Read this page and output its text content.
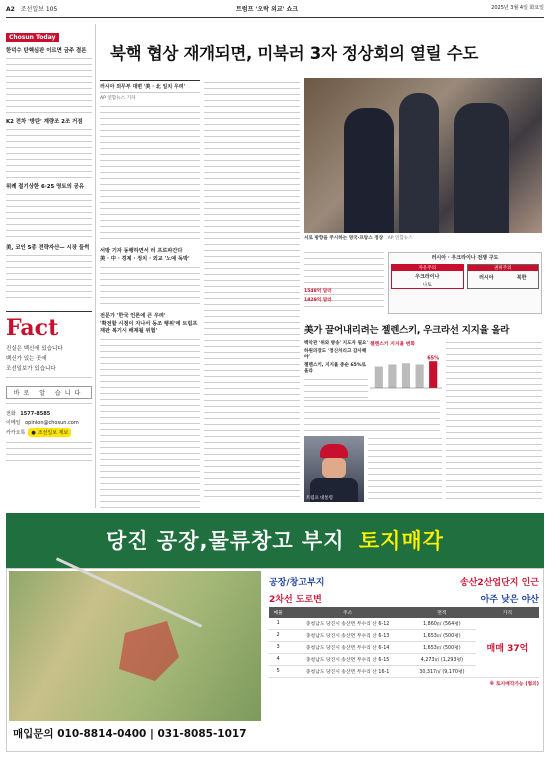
A2 조선일보 105	트럼프 '오락 외교' 쇼크	2025년 3월 4일 화요일
Chosun Today
한덕수 탄핵심판 이르면 금주 결론
K2 전차 '방탄' 계량조 2조 거점
위례 절기상한 6·25 영토의 공유
美, 코인 5종 전략자산— 시장 들썩
Fact
진실은 백신에 있습니다
백신가 있는 곳에
조선일보가 있습니다
바로 알 습니다
전화 1577-8585
이메일 opinion@chosun.com
카카오톡 ● 조선일보 제보
북핵 협상 재개되면, 미북러 3자 정상회의 열릴 수도
러시아 외무부 대변 '美 · 北 일치 우려'
AP 연합뉴스 기자
서방 기자 동행하면서 러 프로파간다
美 · 中 · 경제 · 정치 · 외교 '노예 독박'
전문가 '한국 언론에 큰 우려'
'확전할 시점이 지나서 동조 행위'에 트럼프 재판 복기시 배제될 위협'
서로 방향을 주시하는 영국·프랑스 정상 AP 연합뉴스
러시아 · 우크라이나 전쟁 구도
자유주의
우크라이나
나토
권위주의
러시아	북한
1548억 달러
1829억 달러
美가 끌어내리려는 젤렌스키, 우크라선 지지율 올라
백악관 '위와 방송' 지도자 필요'
하원의장도 '정신차리고 감사해야'
젤렌스키, 지지율 중순 65%로 올라
젤렌스키 지지율 변화
65%
트럼프 대통령
당진 공장,물류창고 부지 토지매각
공장/창고부지	송산2산업단지 인근
2차선 도로변	아주 낮은 야산
매물	주소	면적	가격
1	충청남도 당진시 송산면 무수리 산 6-12	1,860㎡ (564평)	매매 37억
2	충청남도 당진시 송산면 무수리 산 6-13	1,653㎡ (500평)	
3	충청남도 당진시 송산면 무수리 산 6-14	1,653㎡ (500평)	
4	충청남도 당진시 송산면 무수리 산 6-15	4,273㎡ (1,293평)	
5	충청남도 당진시 송산면 무수리 산 16-1	30,317㎡ (9,170평)	
※ 토지매각가능 (협의)
매입문의 010-8814-0400 | 031-8085-1017
